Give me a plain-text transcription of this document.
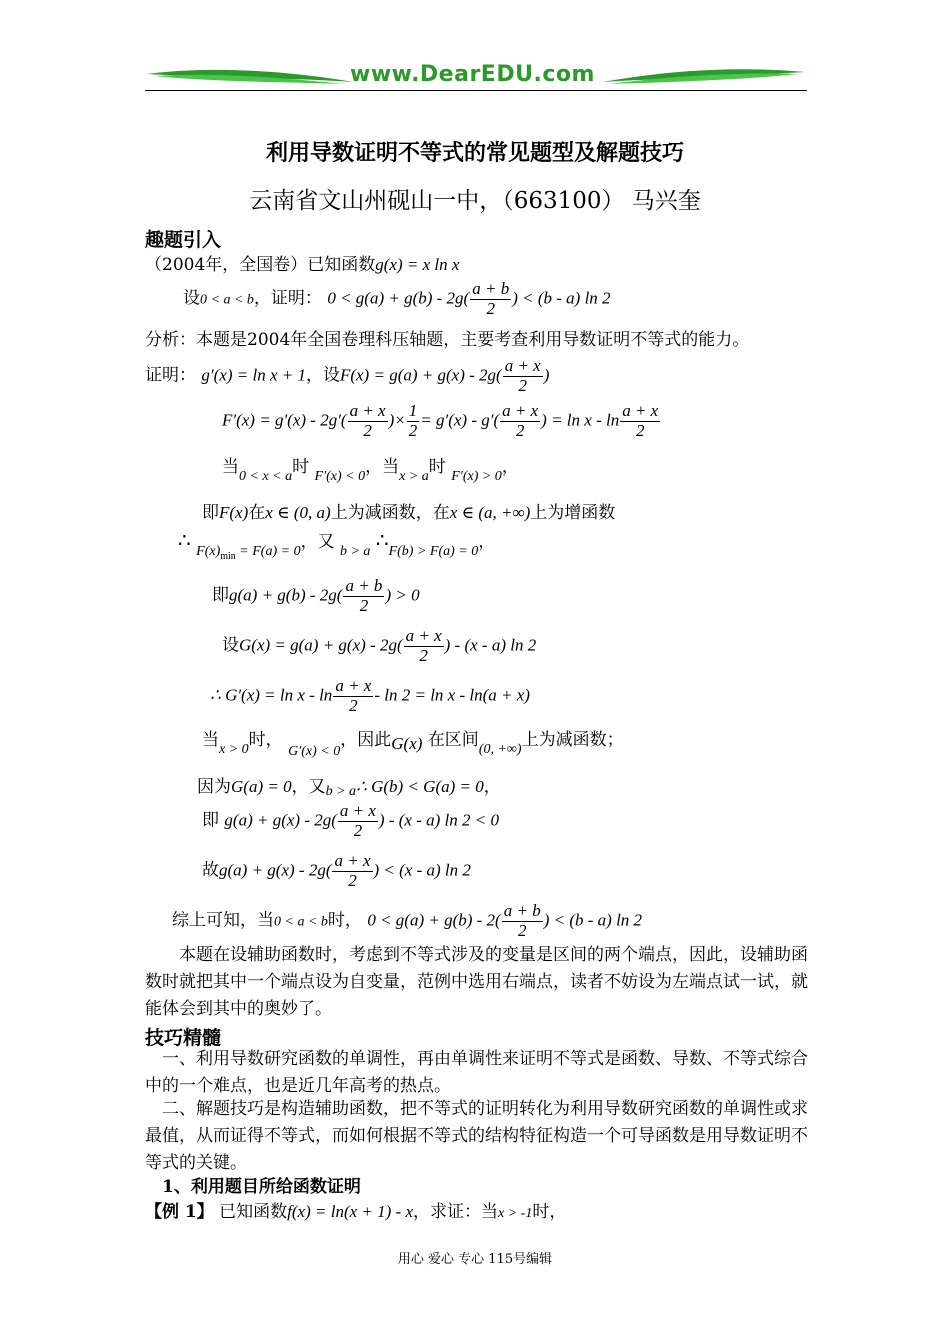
www.DearEDU.com
利用导数证明不等式的常见题型及解题技巧
云南省文山州砚山一中，（663100） 马兴奎
趣题引入
（2004年，全国卷）已知函数g(x) = x ln x
设0 < a < b，证明： $0 < g(a) + g(b) - 2g( \frac{a + b}{2}$ ) < (b - a) ln 2
分析：本题是2004年全国卷理科压轴题，主要考查利用导数证明不等式的能力。
证明： g′(x) = ln x + 1，设$F(x) = g(a) + g(x) - 2g( \frac{a + x}{2}$ )
$F'(x) = g'(x) - 2g'( \frac{a + x}{2}$ )× $\frac{1}{2} = g'(x) - g'( \frac{a + x}{2}$ ) = ln x - $\ln \frac{a + x}{2}$
当$_{0 < x < a}$时 $_{F'(x) < 0}$，当$_{x > a}$时 $_{F'(x) > 0}$，
即F(x)在x ∈ (0, a)上为减函数，在x ∈ (a, +∞)上为增函数
∴ $_{F(x)_{min} = F(a) = 0}$，又 $_{b > a}$ $\therefore_{F(b) > F(a) = 0}$，
即$g(a) + g(b) - 2g( \frac{a + b}{2}$ ) > 0
设$G(x) = g(a) + g(x) - 2g( \frac{a + x}{2}$ ) - (x - a) ln 2
∴ $G'(x) = \ln x - \ln \frac{a + x}{2} - \ln 2 = \ln x - \ln(a + x)$
当$_{x > 0}$时， $_{G'(x) < 0}$，因此G(x) 在区间$_{(0, +\infty)}$上为减函数；
因为G(a) = 0，又b > a∴ G(b) < G(a) = 0，
即 $g(a) + g(x) - 2g( \frac{a + x}{2}$ ) - (x - a) ln 2 < 0
故$g(a) + g(x) - 2g( \frac{a + x}{2}$ ) < (x - a) ln 2
综上可知，当0 < a < b时， $0 < g(a) + g(b) - 2( \frac{a + b}{2}$ ) < (b - a) ln 2
本题在设辅助函数时，考虑到不等式涉及的变量是区间的两个端点，因此，设辅助函数时就把其中一个端点设为自变量，范例中选用右端点，读者不妨设为左端点试一试，就能体会到其中的奥妙了。
技巧精髓
一、利用导数研究函数的单调性，再由单调性来证明不等式是函数、导数、不等式综合中的一个难点，也是近几年高考的热点。
二、解题技巧是构造辅助函数，把不等式的证明转化为利用导数研究函数的单调性或求最值，从而证得不等式，而如何根据不等式的结构特征构造一个可导函数是用导数证明不等式的关键。
1、利用题目所给函数证明
【例 1】 已知函数f(x) = ln(x + 1) - x，求证：当x > -1时，
用心 爱心 专心 115号编辑
